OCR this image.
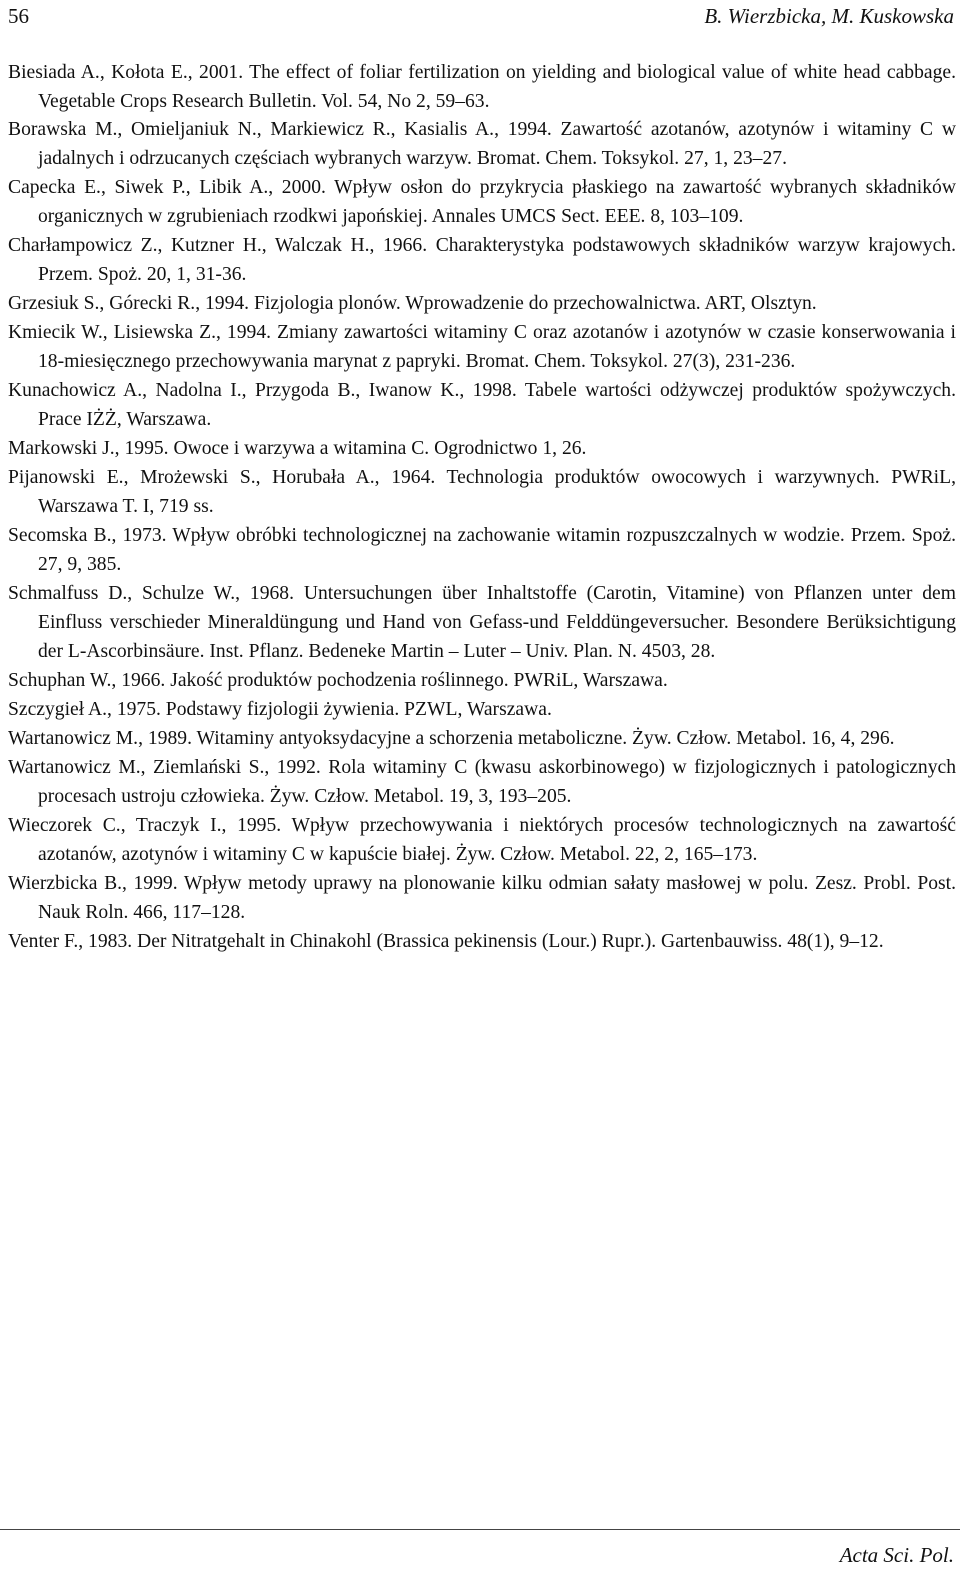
56	B. Wierzbicka, M. Kuskowska
Biesiada A., Kołota E., 2001. The effect of foliar fertilization on yielding and biological value of white head cabbage. Vegetable Crops Research Bulletin. Vol. 54, No 2, 59–63.
Borawska M., Omieljaniuk N., Markiewicz R., Kasialis A., 1994. Zawartość azotanów, azotynów i witaminy C w jadalnych i odrzucanych częściach wybranych warzyw. Bromat. Chem. Toksykol. 27, 1, 23–27.
Capecka E., Siwek P., Libik A., 2000. Wpływ osłon do przykrycia płaskiego na zawartość wybranych składników organicznych w zgrubieniach rzodkwi japońskiej. Annales UMCS Sect. EEE. 8, 103–109.
Charłampowicz Z., Kutzner H., Walczak H., 1966. Charakterystyka podstawowych składników warzyw krajowych. Przem. Spoż. 20, 1, 31-36.
Grzesiuk S., Górecki R., 1994. Fizjologia plonów. Wprowadzenie do przechowalnictwa. ART, Olsztyn.
Kmiecik W., Lisiewska Z., 1994. Zmiany zawartości witaminy C oraz azotanów i azotynów w czasie konserwowania i 18-miesięcznego przechowywania marynat z papryki. Bromat. Chem. Toksykol. 27(3), 231-236.
Kunachowicz A., Nadolna I., Przygoda B., Iwanow K., 1998. Tabele wartości odżywczej produktów spożywczych. Prace IŻŻ, Warszawa.
Markowski J., 1995. Owoce i warzywa a witamina C. Ogrodnictwo 1, 26.
Pijanowski E., Mrożewski S., Horubała A., 1964. Technologia produktów owocowych i warzywnych. PWRiL, Warszawa T. I, 719 ss.
Secomska B., 1973. Wpływ obróbki technologicznej na zachowanie witamin rozpuszczalnych w wodzie. Przem. Spoż. 27, 9, 385.
Schmalfuss D., Schulze W., 1968. Untersuchungen über Inhaltstoffe (Carotin, Vitamine) von Pflanzen unter dem Einfluss verschieder Mineraldüngung und Hand von Gefass-und Felddüngeversucher. Besondere Berüksichtigung der L-Ascorbinsäure. Inst. Pflanz. Bedeneke Martin – Luter – Univ. Plan. N. 4503, 28.
Schuphan W., 1966. Jakość produktów pochodzenia roślinnego. PWRiL, Warszawa.
Szczygieł A., 1975. Podstawy fizjologii żywienia. PZWL, Warszawa.
Wartanowicz M., 1989. Witaminy antyoksydacyjne a schorzenia metaboliczne. Żyw. Człow. Metabol. 16, 4, 296.
Wartanowicz M., Ziemlański S., 1992. Rola witaminy C (kwasu askorbinowego) w fizjologicznych i patologicznych procesach ustroju człowieka. Żyw. Człow. Metabol. 19, 3, 193–205.
Wieczorek C., Traczyk I., 1995. Wpływ przechowywania i niektórych procesów technologicznych na zawartość azotanów, azotynów i witaminy C w kapuście białej. Żyw. Człow. Metabol. 22, 2, 165–173.
Wierzbicka B., 1999. Wpływ metody uprawy na plonowanie kilku odmian sałaty masłowej w polu. Zesz. Probl. Post. Nauk Roln. 466, 117–128.
Venter F., 1983. Der Nitratgehalt in Chinakohl (Brassica pekinensis (Lour.) Rupr.). Gartenbauwiss. 48(1), 9–12.
Acta Sci. Pol.
